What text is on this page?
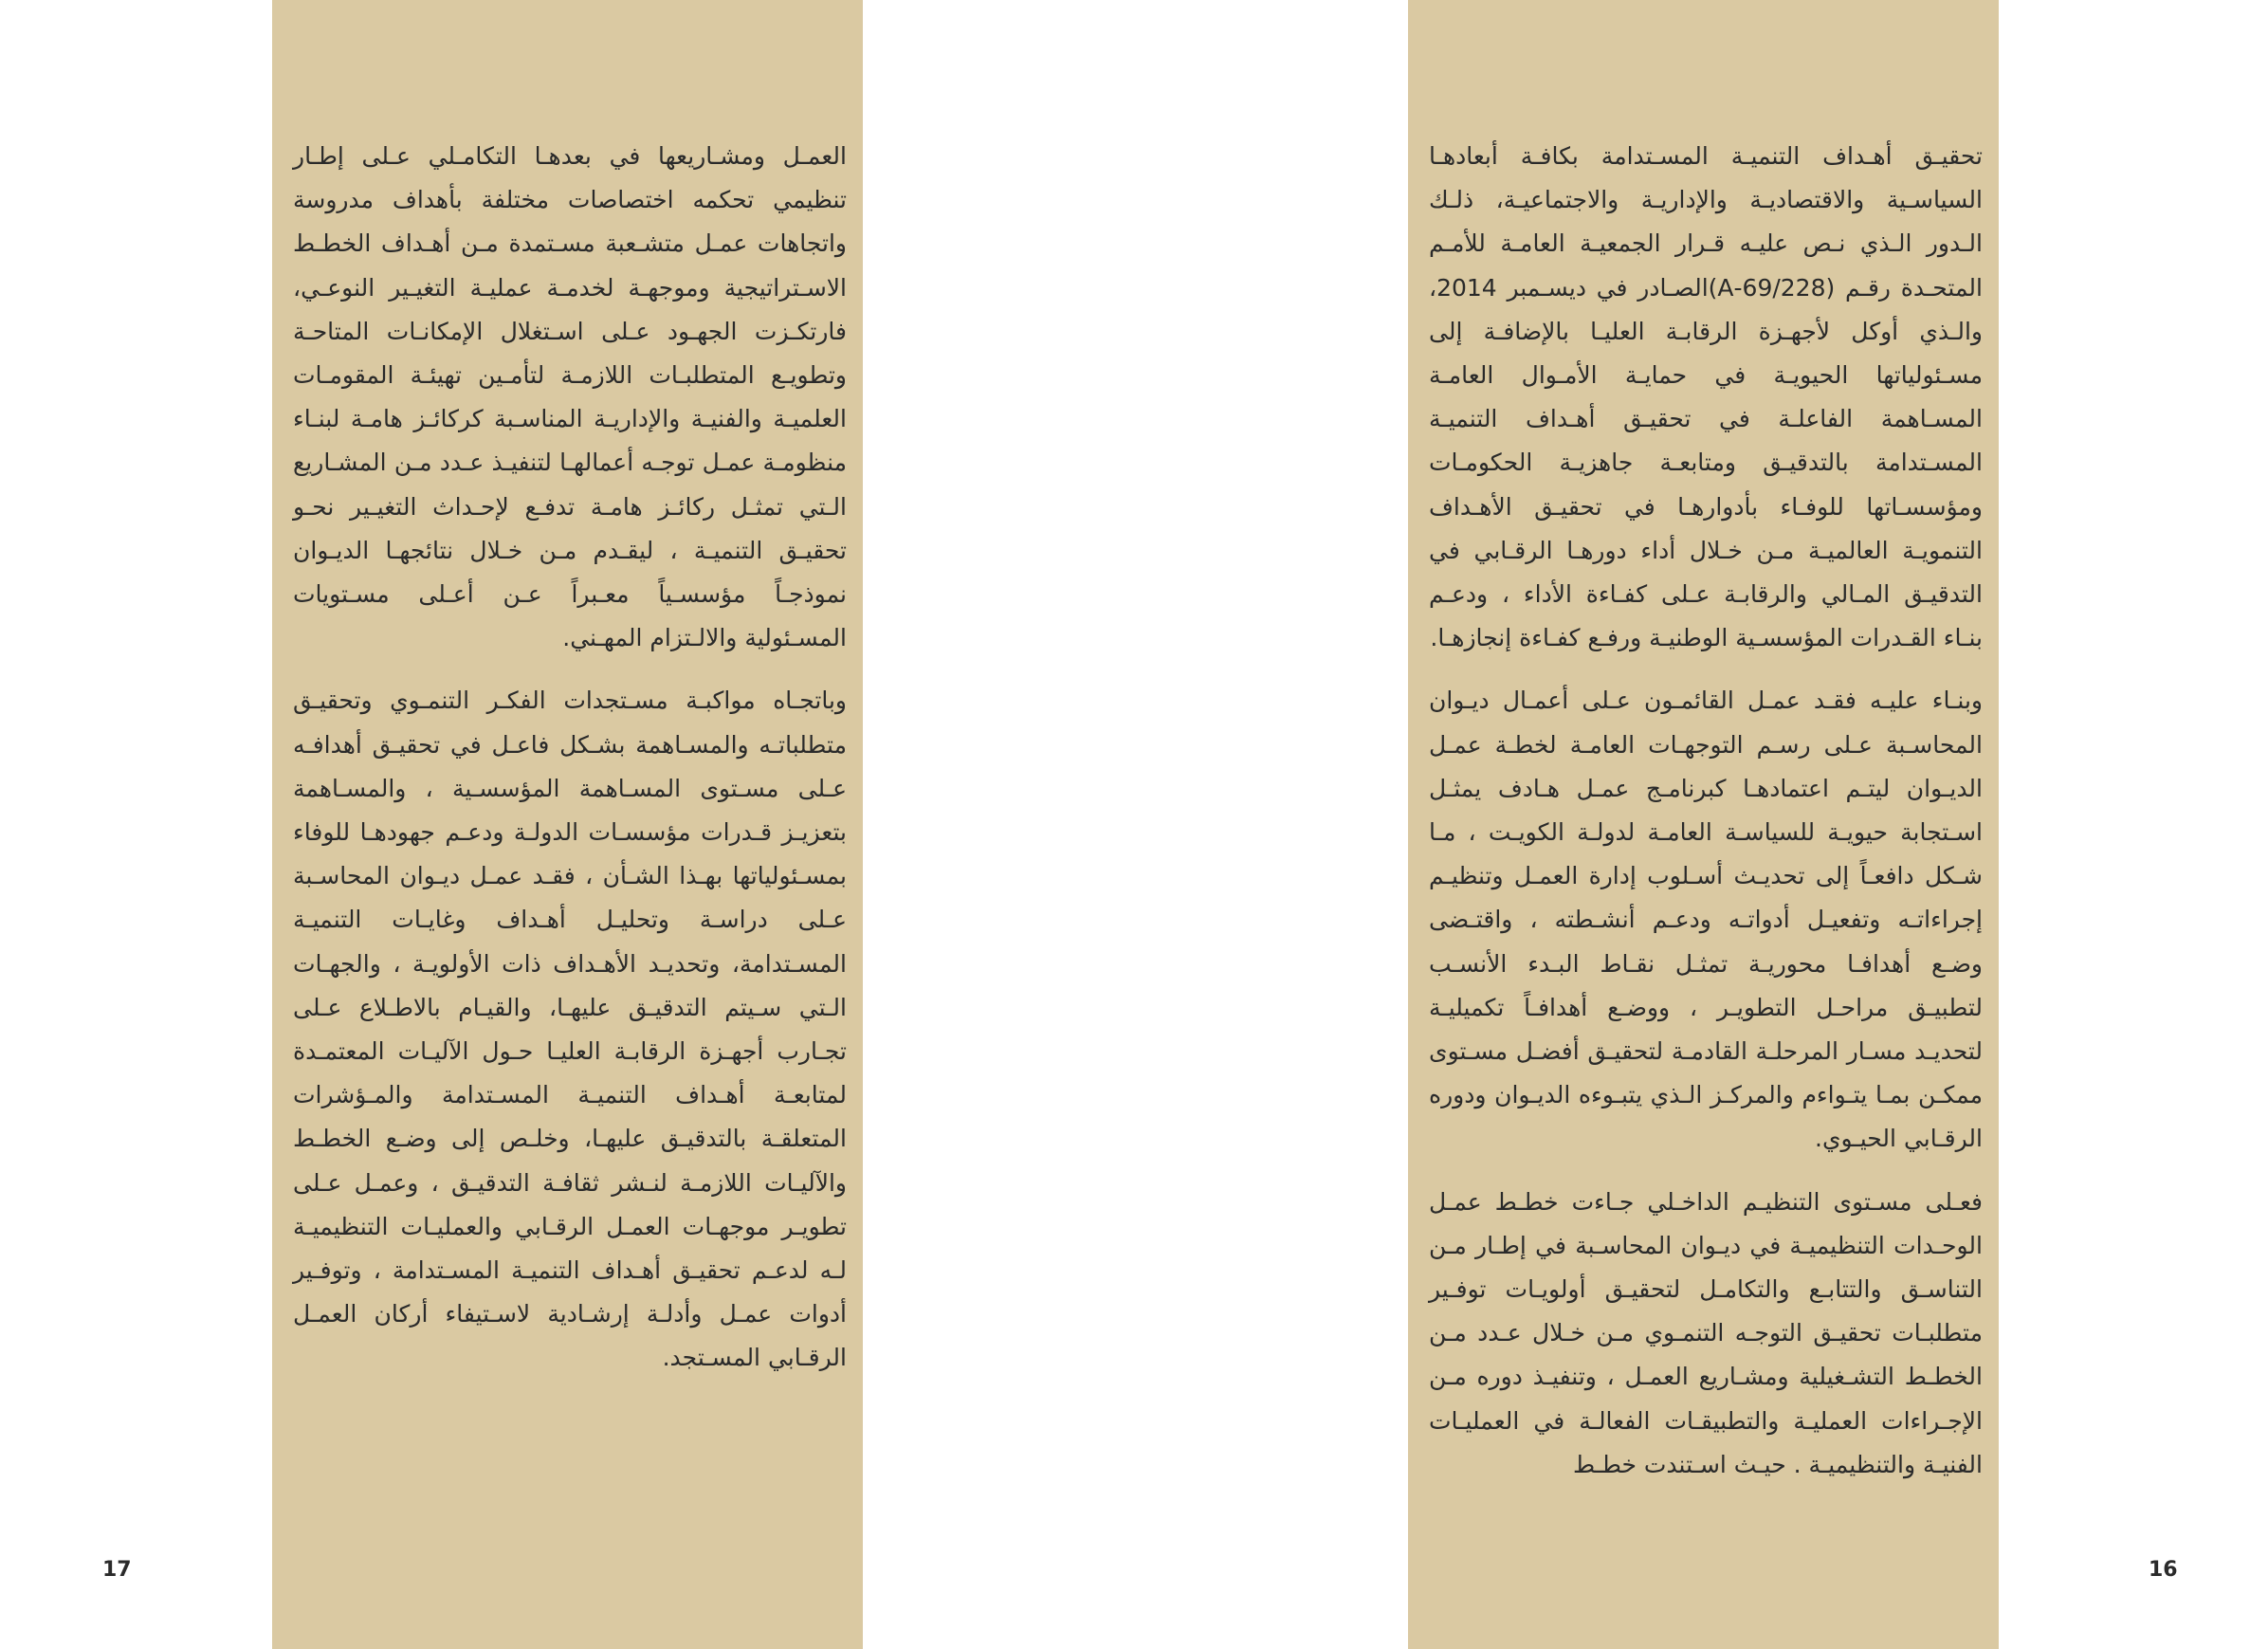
العمـل ومشـاريعها في بعدهـا التكامـلي عـلى إطـار تنظيمي تحكمه اختصاصات مختلفة بأهداف مدروسة واتجاهات عمـل متشـعبة مسـتمدة مـن أهـداف الخطـط الاسـتراتيجية وموجهـة لخدمـة عمليـة التغيـير النوعـي، فارتكـزت الجهـود عـلى اسـتغلال الإمكانـات المتاحـة وتطويـع المتطلبـات اللازمـة لتأمـين تهيئـة المقومـات العلميـة والفنيـة والإداريـة المناسـبة كركائـز هامـة لبنـاء منظومـة عمـل توجـه أعمالهـا لتنفيـذ عـدد مـن المشـاريع الـتي تمثـل ركائـز هامـة تدفـع لإحـداث التغيـير نحـو تحقيـق التنميـة ، ليقـدم مـن خـلال نتائجهـا الديـوان نموذجـاً مؤسسـياً معـبراً عـن أعـلى مسـتويات المسـئولية والالـتزام المهـني.

وباتجـاه مواكبـة مسـتجدات الفكـر التنمـوي وتحقيـق متطلباتـه والمسـاهمة بشـكل فاعـل في تحقيـق أهدافـه عـلى مسـتوى المسـاهمة المؤسسـية ، والمسـاهمة بتعزيـز قـدرات مؤسسـات الدولـة ودعـم جهودهـا للوفاء بمسـئولياتها بهـذا الشـأن ، فقـد عمـل ديـوان المحاسـبة عـلى دراسـة وتحليـل أهـداف وغايـات التنميـة المسـتدامة، وتحديـد الأهـداف ذات الأولويـة ، والجهـات الـتي سـيتم التدقيـق عليهـا، والقيـام بالاطـلاع عـلى تجـارب أجهـزة الرقابـة العليـا حـول الآليـات المعتمـدة لمتابعـة أهـداف التنميـة المسـتدامة والمـؤشرات المتعلقـة بالتدقيـق عليهـا، وخلـص إلى وضـع الخطـط والآليـات اللازمـة لنـشر ثقافـة التدقيـق ، وعمـل عـلى تطويـر موجهـات العمـل الرقـابي والعمليـات التنظيميـة لـه لدعـم تحقيـق أهـداف التنميـة المسـتدامة ، وتوفـير أدوات عمـل وأدلـة إرشـادية لاسـتيفاء أركان العمـل الرقـابي المسـتجد.

تحقيـق أهـداف التنميـة المسـتدامة بكافـة أبعادهـا السياسـية والاقتصاديـة والإداريـة والاجتماعيـة، ذلـك الـدور الـذي نـص عليـه قـرار الجمعيـة العامـة للأمـم المتحـدة رقـم (69/228-A)الصـادر في ديسـمبر 2014، والـذي أوكل لأجهـزة الرقابـة العليـا بالإضافـة إلى مسـئولياتها الحيويـة في حمايـة الأمـوال العامـة المسـاهمة الفاعلـة في تحقيـق أهـداف التنميـة المسـتدامة بالتدقيـق ومتابعـة جاهزيـة الحكومـات ومؤسسـاتها للوفـاء بأدوارهـا في تحقيـق الأهـداف التنمويـة العالميـة مـن خـلال أداء دورهـا الرقـابي في التدقيـق المـالي والرقابـة عـلى كفـاءة الأداء ، ودعـم بنـاء القـدرات المؤسسـية الوطنيـة ورفـع كفـاءة إنجازهـا.

وبنـاء عليـه فقـد عمـل القائمـون عـلى أعمـال ديـوان المحاسـبة عـلى رسـم التوجهـات العامـة لخطـة عمـل الديـوان ليتـم اعتمادهـا كبرنامـج عمـل هـادف يمثـل اسـتجابة حيويـة للسياسـة العامـة لدولـة الكويـت ، مـا شـكل دافعـاً إلى تحديـث أسـلوب إدارة العمـل وتنظيـم إجراءاتـه وتفعيـل أدواتـه ودعـم أنشـطته ، واقتـضى وضـع أهدافـا محوريـة تمثـل نقـاط البـدء الأنسـب لتطبيـق مراحـل التطويـر ، ووضـع أهدافـاً تكميليـة لتحديـد مسـار المرحلـة القادمـة لتحقيـق أفضـل مسـتوى ممكـن بمـا يتـواءم والمركـز الـذي يتبـوءه الديـوان ودوره الرقـابي الحيـوي.

فعـلى مسـتوى التنظيـم الداخـلي جـاءت خطـط عمـل الوحـدات التنظيميـة في ديـوان المحاسـبة في إطـار مـن التناسـق والتتابـع والتكامـل لتحقيـق أولويـات توفـير متطلبـات تحقيـق التوجـه التنمـوي مـن خـلال عـدد مـن الخطـط التشـغيلية ومشـاريع العمـل ، وتنفيـذ دوره مـن الإجـراءات العمليـة والتطبيقـات الفعالـة في العمليـات الفنيـة والتنظيميـة . حيـث اسـتندت خطـط

17	16
